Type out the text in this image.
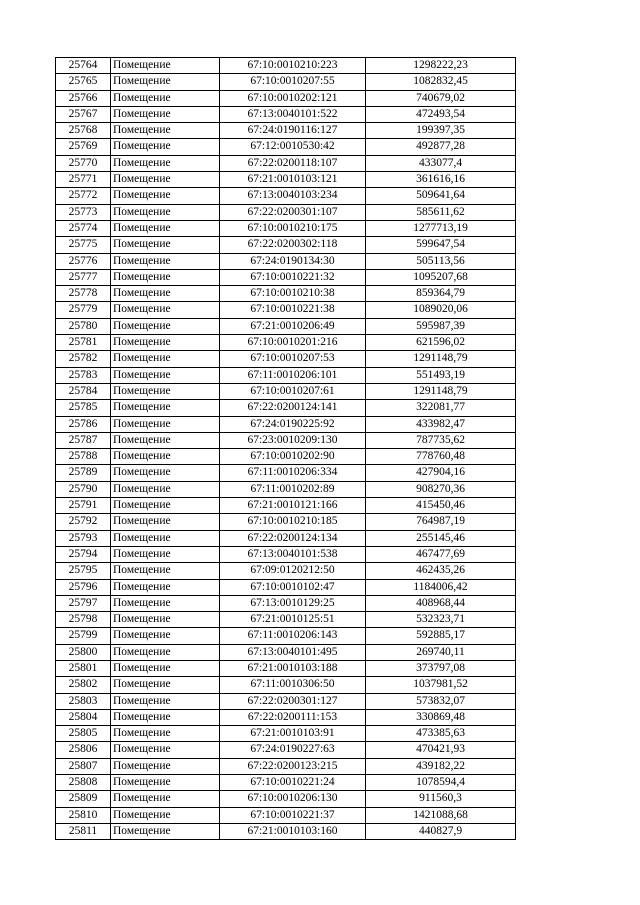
25764	Помещение	67:10:0010210:223	1298222,23
25765	Помещение	67:10:0010207:55	1082832,45
25766	Помещение	67:10:0010202:121	740679,02
25767	Помещение	67:13:0040101:522	472493,54
25768	Помещение	67:24:0190116:127	199397,35
25769	Помещение	67:12:0010530:42	492877,28
25770	Помещение	67:22:0200118:107	433077,4
25771	Помещение	67:21:0010103:121	361616,16
25772	Помещение	67:13:0040103:234	509641,64
25773	Помещение	67:22:0200301:107	585611,62
25774	Помещение	67:10:0010210:175	1277713,19
25775	Помещение	67:22:0200302:118	599647,54
25776	Помещение	67:24:0190134:30	505113,56
25777	Помещение	67:10:0010221:32	1095207,68
25778	Помещение	67:10:0010210:38	859364,79
25779	Помещение	67:10:0010221:38	1089020,06
25780	Помещение	67:21:0010206:49	595987,39
25781	Помещение	67:10:0010201:216	621596,02
25782	Помещение	67:10:0010207:53	1291148,79
25783	Помещение	67:11:0010206:101	551493,19
25784	Помещение	67:10:0010207:61	1291148,79
25785	Помещение	67:22:0200124:141	322081,77
25786	Помещение	67:24:0190225:92	433982,47
25787	Помещение	67:23:0010209:130	787735,62
25788	Помещение	67:10:0010202:90	778760,48
25789	Помещение	67:11:0010206:334	427904,16
25790	Помещение	67:11:0010202:89	908270,36
25791	Помещение	67:21:0010121:166	415450,46
25792	Помещение	67:10:0010210:185	764987,19
25793	Помещение	67:22:0200124:134	255145,46
25794	Помещение	67:13:0040101:538	467477,69
25795	Помещение	67:09:0120212:50	462435,26
25796	Помещение	67:10:0010102:47	1184006,42
25797	Помещение	67:13:0010129:25	408968,44
25798	Помещение	67:21:0010125:51	532323,71
25799	Помещение	67:11:0010206:143	592885,17
25800	Помещение	67:13:0040101:495	269740,11
25801	Помещение	67:21:0010103:188	373797,08
25802	Помещение	67:11:0010306:50	1037981,52
25803	Помещение	67:22:0200301:127	573832,07
25804	Помещение	67:22:0200111:153	330869,48
25805	Помещение	67:21:0010103:91	473385,63
25806	Помещение	67:24:0190227:63	470421,93
25807	Помещение	67:22:0200123:215	439182,22
25808	Помещение	67:10:0010221:24	1078594,4
25809	Помещение	67:10:0010206:130	911560,3
25810	Помещение	67:10:0010221:37	1421088,68
25811	Помещение	67:21:0010103:160	440827,9
